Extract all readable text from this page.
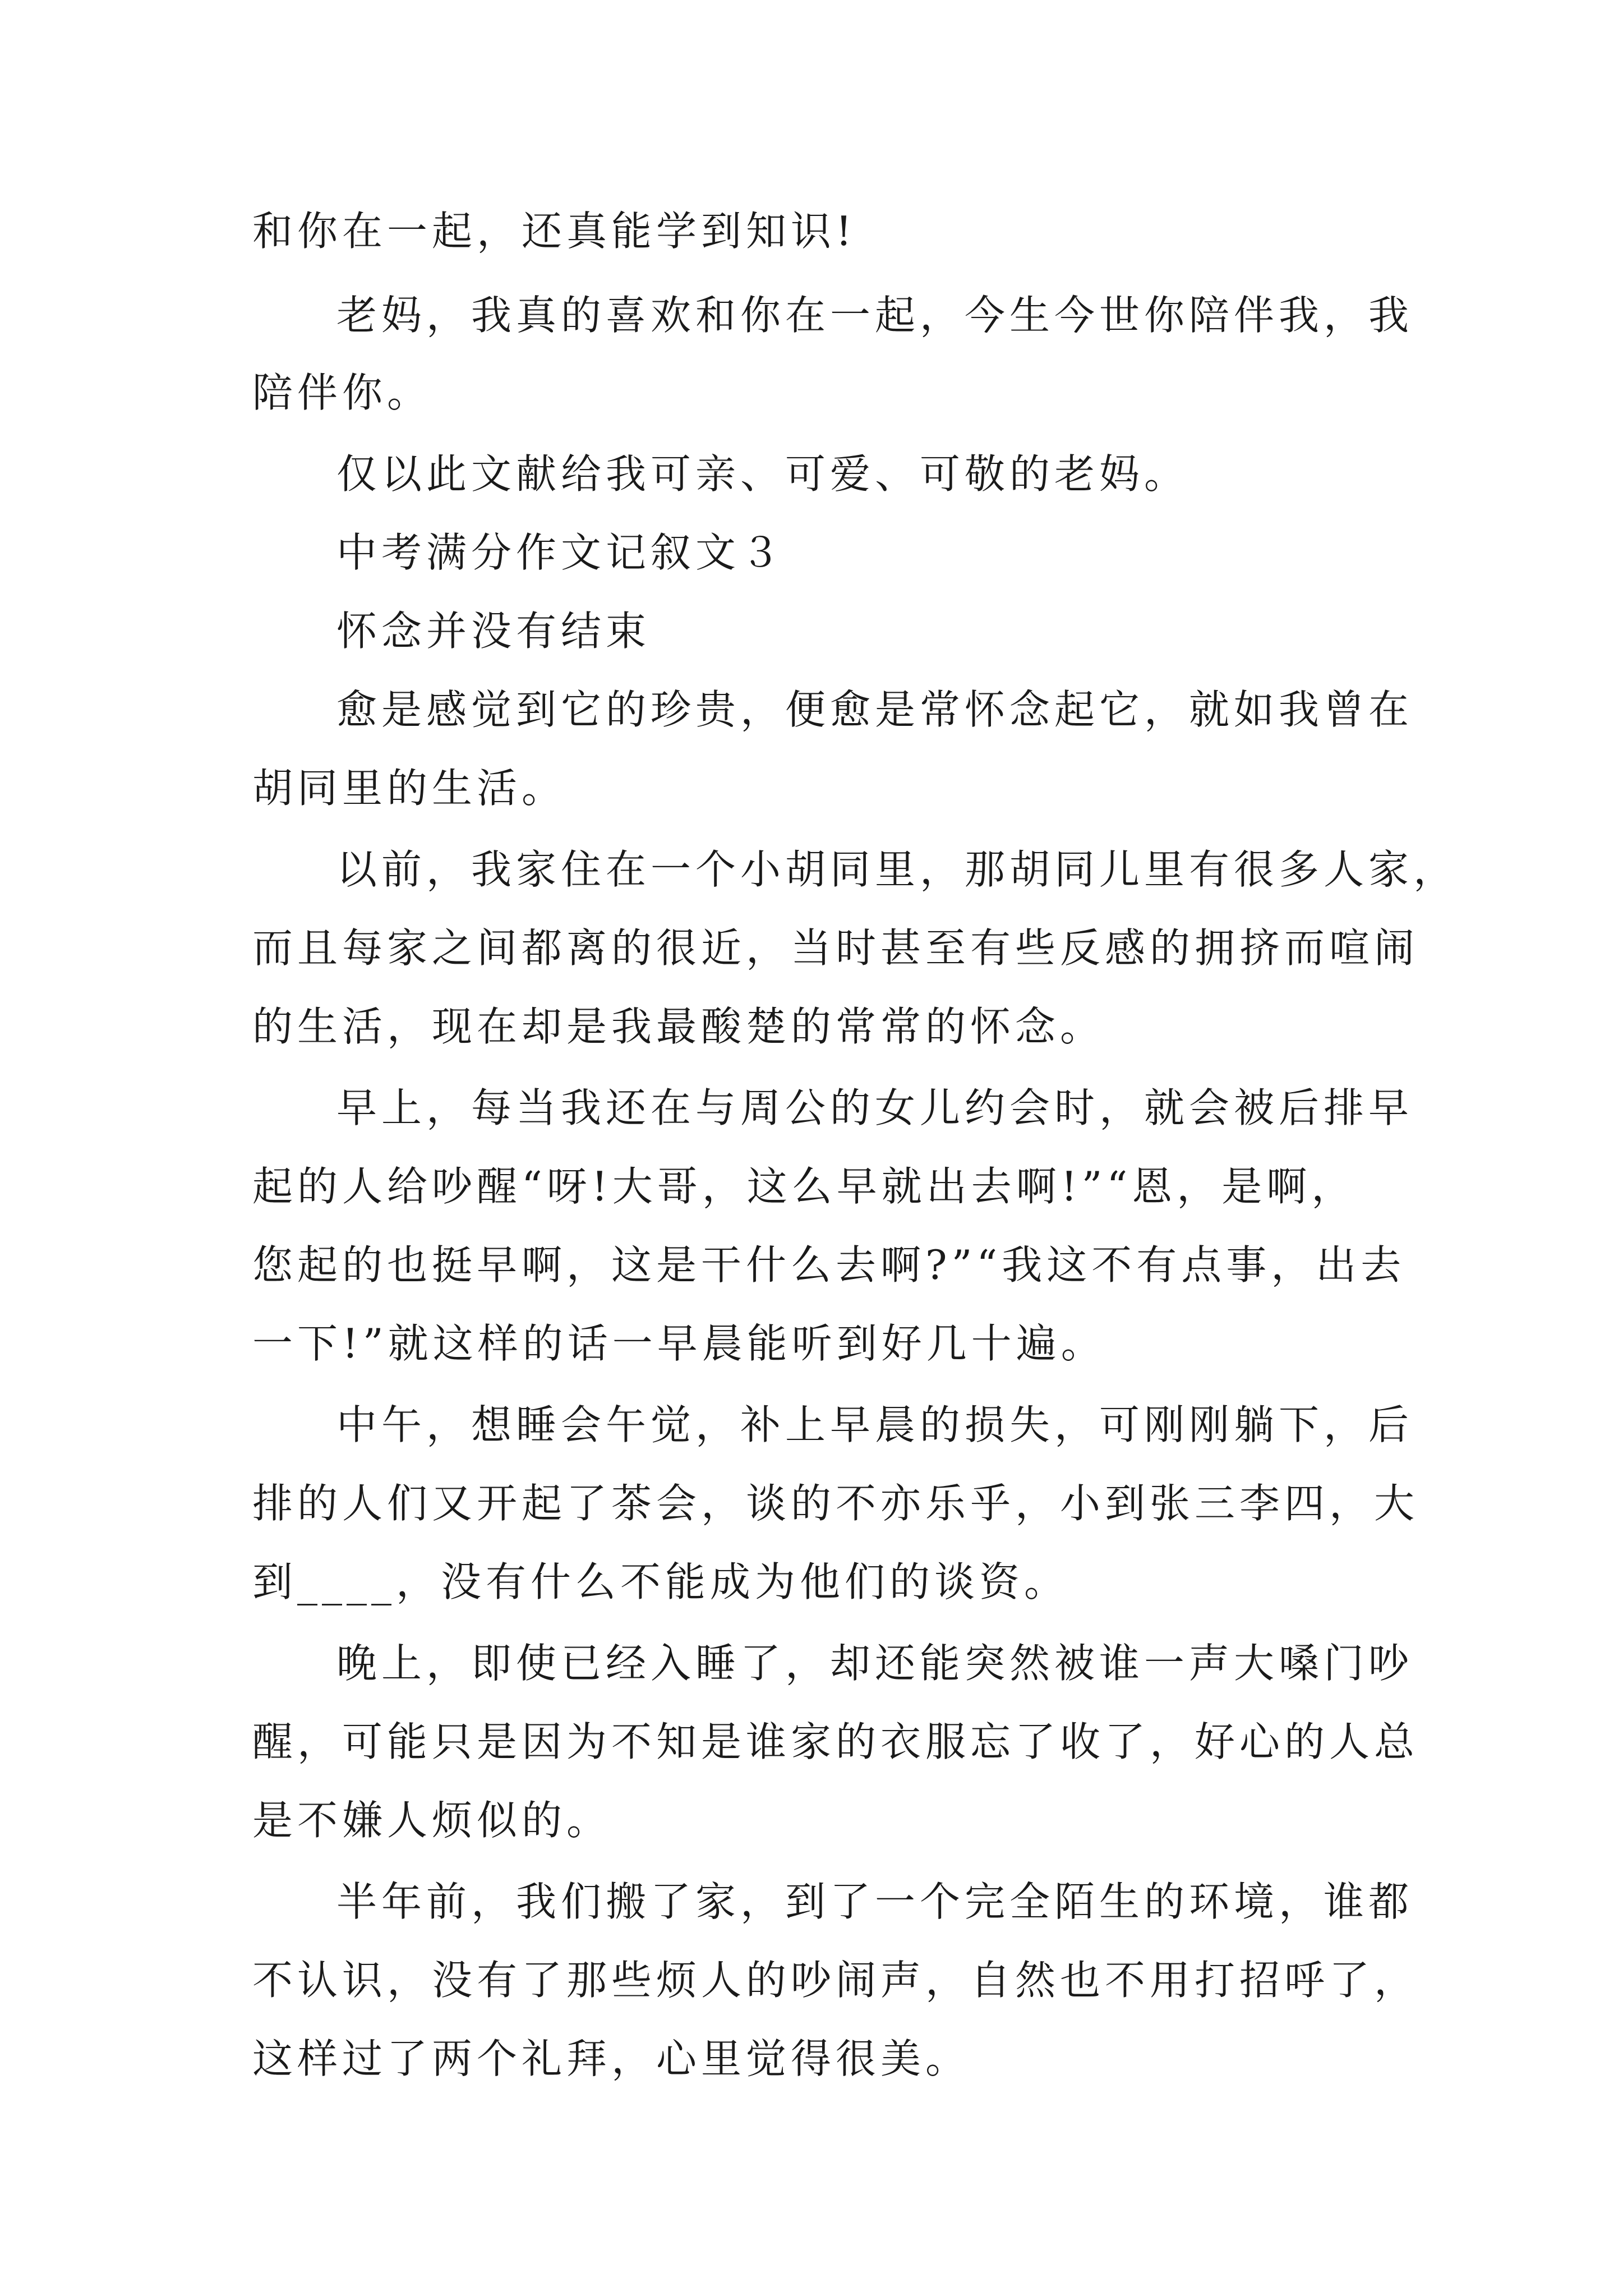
和你在一起，还真能学到知识!
老妈，我真的喜欢和你在一起，今生今世你陪伴我，我
陪伴你。
仅以此文献给我可亲、可爱、可敬的老妈。
中考满分作文记叙文３
怀念并没有结束
愈是感觉到它的珍贵，便愈是常怀念起它，就如我曾在
胡同里的生活。
以前，我家住在一个小胡同里，那胡同儿里有很多人家，
而且每家之间都离的很近，当时甚至有些反感的拥挤而喧闹
的生活，现在却是我最酸楚的常常的怀念。
早上，每当我还在与周公的女儿约会时，就会被后排早
起的人给吵醒“呀!大哥，这么早就出去啊!”“恩，是啊，
您起的也挺早啊，这是干什么去啊?”“我这不有点事，出去
一下!”就这样的话一早晨能听到好几十遍。
中午，想睡会午觉，补上早晨的损失，可刚刚躺下，后
排的人们又开起了茶会，谈的不亦乐乎，小到张三李四，大
到____，没有什么不能成为他们的谈资。
晚上，即使已经入睡了，却还能突然被谁一声大嗓门吵
醒，可能只是因为不知是谁家的衣服忘了收了，好心的人总
是不嫌人烦似的。
半年前，我们搬了家，到了一个完全陌生的环境，谁都
不认识，没有了那些烦人的吵闹声，自然也不用打招呼了，
这样过了两个礼拜，心里觉得很美。
